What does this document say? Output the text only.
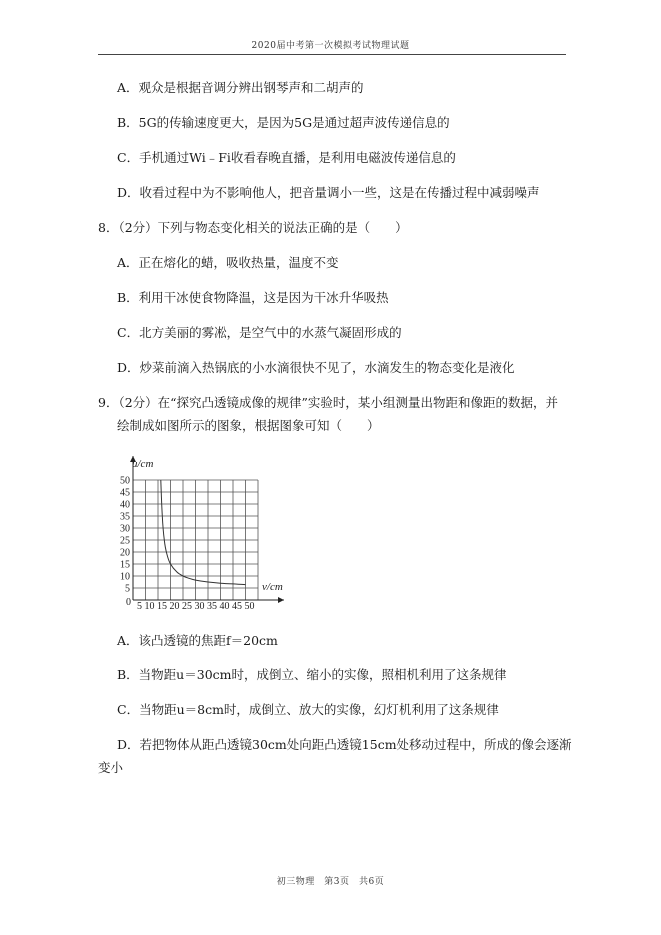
2020届中考第一次模拟考试物理试题
A．观众是根据音调分辨出钢琴声和二胡声的
B．5G的传输速度更大，是因为5G是通过超声波传递信息的
C．手机通过Wi﹣Fi收看春晚直播，是利用电磁波传递信息的
D．收看过程中为不影响他人，把音量调小一些，这是在传播过程中减弱噪声
8．（2分）下列与物态变化相关的说法正确的是（　　）
A．正在熔化的蜡，吸收热量，温度不变
B．利用干冰使食物降温，这是因为干冰升华吸热
C．北方美丽的雾凇，是空气中的水蒸气凝固形成的
D．炒菜前滴入热锅底的小水滴很快不见了，水滴发生的物态变化是液化
9．（2分）在“探究凸透镜成像的规律”实验时，某小组测量出物距和像距的数据，并
绘制成如图所示的图象，根据图象可知（　　）
5
10
15
20
25
30
35
40
45
50
5 10 15 20 25 30 35 40 45 50
0
u/cm
v/cm
A．该凸透镜的焦距f＝20cm
B．当物距u＝30cm时，成倒立、缩小的实像，照相机利用了这条规律
C．当物距u＝8cm时，成倒立、放大的实像，幻灯机利用了这条规律
D．若把物体从距凸透镜30cm处向距凸透镜15cm处移动过程中，所成的像会逐渐
变小
初三物理　第3页　共6页
